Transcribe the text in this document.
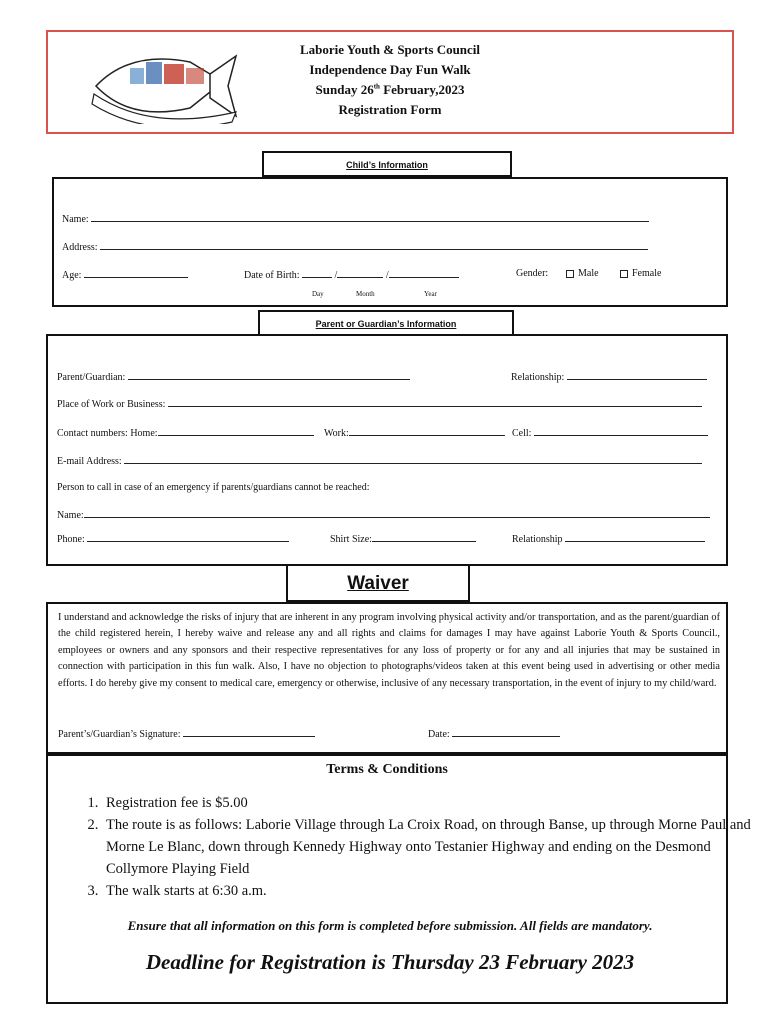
Laborie Youth & Sports Council
Independence Day Fun Walk
Sunday 26th February,2023
Registration Form
Child’s Information
Name:
Address:
Age:	Date of Birth:	/	/
Day	Month	Year
Gender:	Male	Female
Parent or Guardian’s Information
Parent/Guardian:	Relationship:
Place of Work or Business:
Contact numbers: Home:	Work:	Cell:
E-mail Address:
Person to call in case of an emergency if parents/guardians cannot be reached:
Name:
Phone:	Shirt Size:	Relationship
Waiver
I understand and acknowledge the risks of injury that are inherent in any program involving physical activity and/or transportation, and as the parent/guardian of the child registered herein, I hereby waive and release any and all rights and claims for damages I may have against Laborie Youth & Sports Council., employees or owners and any sponsors and their respective representatives for any loss of property or for any and all injuries that may be sustained in connection with participation in this fun walk. Also, I have no objection to photographs/videos taken at this event being used in advertising or other media efforts. I do hereby give my consent to medical care, emergency or otherwise, inclusive of any necessary transportation, in the event of injury to my child/ward.
Parent’s/Guardian’s Signature:	Date:
Terms & Conditions
1. Registration fee is $5.00
2. The route is as follows: Laborie Village through La Croix Road, on through Banse, up through Morne Paul and Morne Le Blanc, down through Kennedy Highway onto Testanier Highway and ending on the Desmond Collymore Playing Field
3. The walk starts at 6:30 a.m.
Ensure that all information on this form is completed before submission. All fields are mandatory.
Deadline for Registration is Thursday 23 February 2023
